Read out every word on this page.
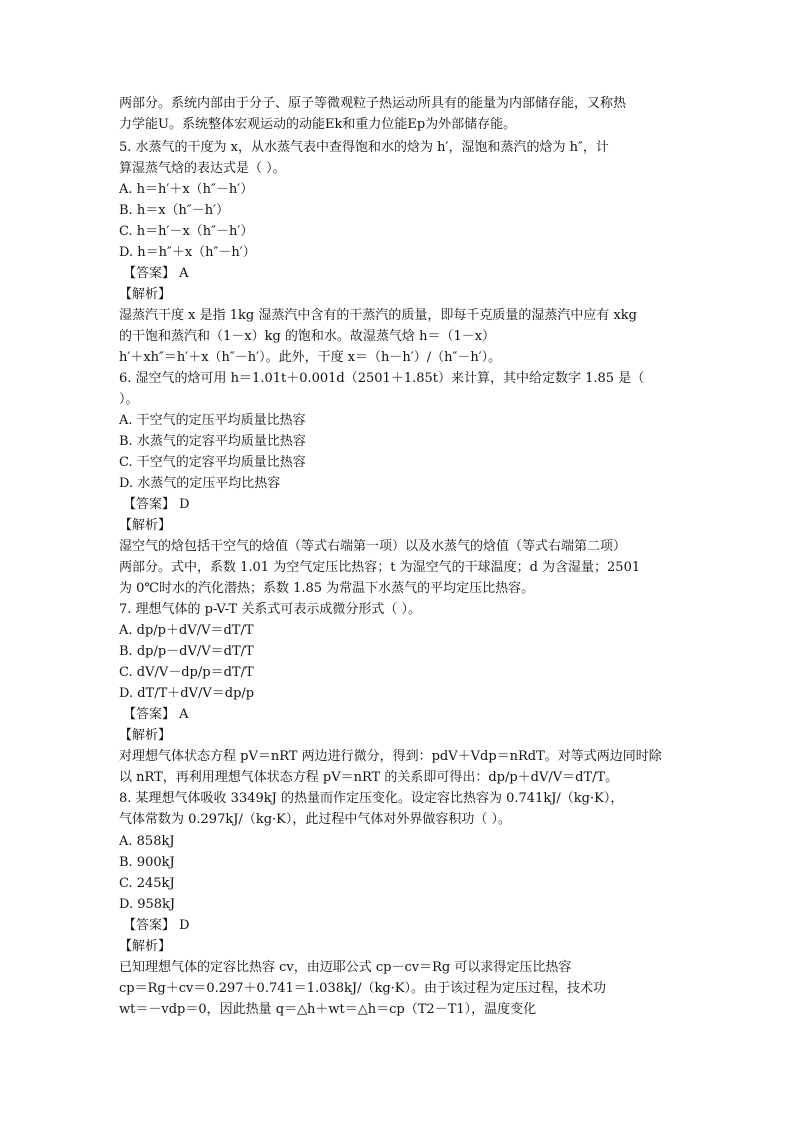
两部分。系统内部由于分子、原子等微观粒子热运动所具有的能量为内部储存能，又称热
力学能U。系统整体宏观运动的动能Ek和重力位能Ep为外部储存能。
5. 水蒸气的干度为 x，从水蒸气表中查得饱和水的焓为 h′，湿饱和蒸汽的焓为 h″，计
算湿蒸气焓的表达式是（ ）。
A. h＝h′＋x（h″－h′）
B. h＝x（h″－h′）
C. h＝h′－x（h″－h′）
D. h＝h″＋x（h″－h′）
【答案】 A
【解析】
湿蒸汽干度 x 是指 1kg 湿蒸汽中含有的干蒸汽的质量，即每千克质量的湿蒸汽中应有 xkg
的干饱和蒸汽和（1－x）kg 的饱和水。故湿蒸气焓 h＝（1－x）
h′＋xh″＝h′＋x（h″－h′）。此外，干度 x＝（h－h′）/（h″－h′）。
6. 湿空气的焓可用 h＝1.01t＋0.001d（2501＋1.85t）来计算，其中给定数字 1.85 是（
）。
A. 干空气的定压平均质量比热容
B. 水蒸气的定容平均质量比热容
C. 干空气的定容平均质量比热容
D. 水蒸气的定压平均比热容
【答案】 D
【解析】
湿空气的焓包括干空气的焓值（等式右端第一项）以及水蒸气的焓值（等式右端第二项）
两部分。式中，系数 1.01 为空气定压比热容；t 为湿空气的干球温度；d 为含湿量；2501
为 0℃时水的汽化潜热；系数 1.85 为常温下水蒸气的平均定压比热容。
7. 理想气体的 p-V-T 关系式可表示成微分形式（ ）。
A. dp/p＋dV/V＝dT/T
B. dp/p－dV/V＝dT/T
C. dV/V－dp/p＝dT/T
D. dT/T＋dV/V＝dp/p
【答案】 A
【解析】
对理想气体状态方程 pV＝nRT 两边进行微分，得到：pdV＋Vdp＝nRdT。对等式两边同时除
以 nRT，再利用理想气体状态方程 pV＝nRT 的关系即可得出：dp/p＋dV/V＝dT/T。
8. 某理想气体吸收 3349kJ 的热量而作定压变化。设定容比热容为 0.741kJ/（kg·K），
气体常数为 0.297kJ/（kg·K），此过程中气体对外界做容积功（ ）。
A. 858kJ
B. 900kJ
C. 245kJ
D. 958kJ
【答案】 D
【解析】
已知理想气体的定容比热容 cv，由迈耶公式 cp－cv＝Rg 可以求得定压比热容
cp＝Rg＋cv＝0.297＋0.741＝1.038kJ/（kg·K）。由于该过程为定压过程，技术功
wt＝－vdp＝0，因此热量 q＝△h＋wt＝△h＝cp（T2－T1），温度变化
